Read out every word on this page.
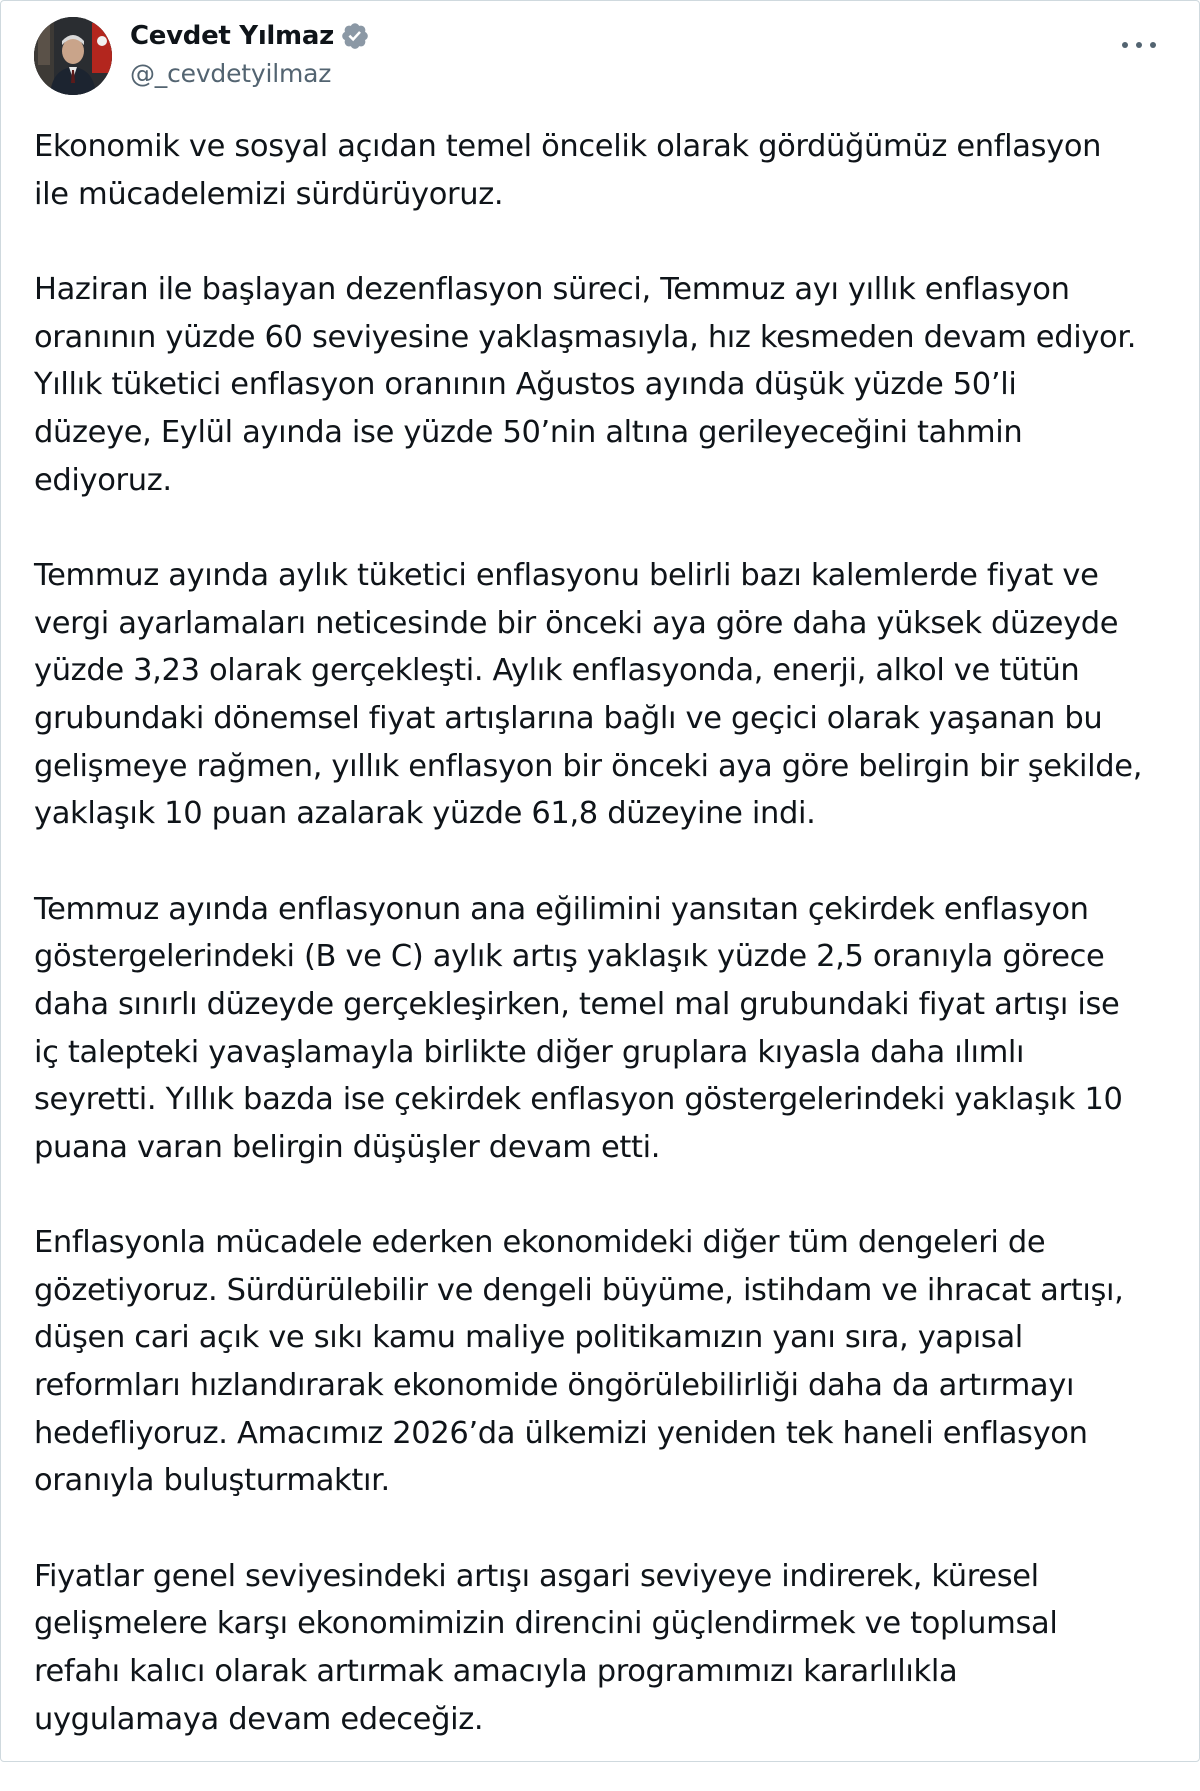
Cevdet Yılmaz
@_cevdetyilmaz

Ekonomik ve sosyal açıdan temel öncelik olarak gördüğümüz enflasyon
ile mücadelemizi sürdürüyoruz.

Haziran ile başlayan dezenflasyon süreci, Temmuz ayı yıllık enflasyon
oranının yüzde 60 seviyesine yaklaşmasıyla, hız kesmeden devam ediyor.
Yıllık tüketici enflasyon oranının Ağustos ayında düşük yüzde 50’li
düzeye, Eylül ayında ise yüzde 50’nin altına gerileyeceğini tahmin
ediyoruz.

Temmuz ayında aylık tüketici enflasyonu belirli bazı kalemlerde fiyat ve
vergi ayarlamaları neticesinde bir önceki aya göre daha yüksek düzeyde
yüzde 3,23 olarak gerçekleşti. Aylık enflasyonda, enerji, alkol ve tütün
grubundaki dönemsel fiyat artışlarına bağlı ve geçici olarak yaşanan bu
gelişmeye rağmen, yıllık enflasyon bir önceki aya göre belirgin bir şekilde,
yaklaşık 10 puan azalarak yüzde 61,8 düzeyine indi.

Temmuz ayında enflasyonun ana eğilimini yansıtan çekirdek enflasyon
göstergelerindeki (B ve C) aylık artış yaklaşık yüzde 2,5 oranıyla görece
daha sınırlı düzeyde gerçekleşirken, temel mal grubundaki fiyat artışı ise
iç talepteki yavaşlamayla birlikte diğer gruplara kıyasla daha ılımlı
seyretti. Yıllık bazda ise çekirdek enflasyon göstergelerindeki yaklaşık 10
puana varan belirgin düşüşler devam etti.

Enflasyonla mücadele ederken ekonomideki diğer tüm dengeleri de
gözetiyoruz. Sürdürülebilir ve dengeli büyüme, istihdam ve ihracat artışı,
düşen cari açık ve sıkı kamu maliye politikamızın yanı sıra, yapısal
reformları hızlandırarak ekonomide öngörülebilirliği daha da artırmayı
hedefliyoruz. Amacımız 2026’da ülkemizi yeniden tek haneli enflasyon
oranıyla buluşturmaktır.

Fiyatlar genel seviyesindeki artışı asgari seviyeye indirerek, küresel
gelişmelere karşı ekonomimizin direncini güçlendirmek ve toplumsal
refahı kalıcı olarak artırmak amacıyla programımızı kararlılıkla
uygulamaya devam edeceğiz.
